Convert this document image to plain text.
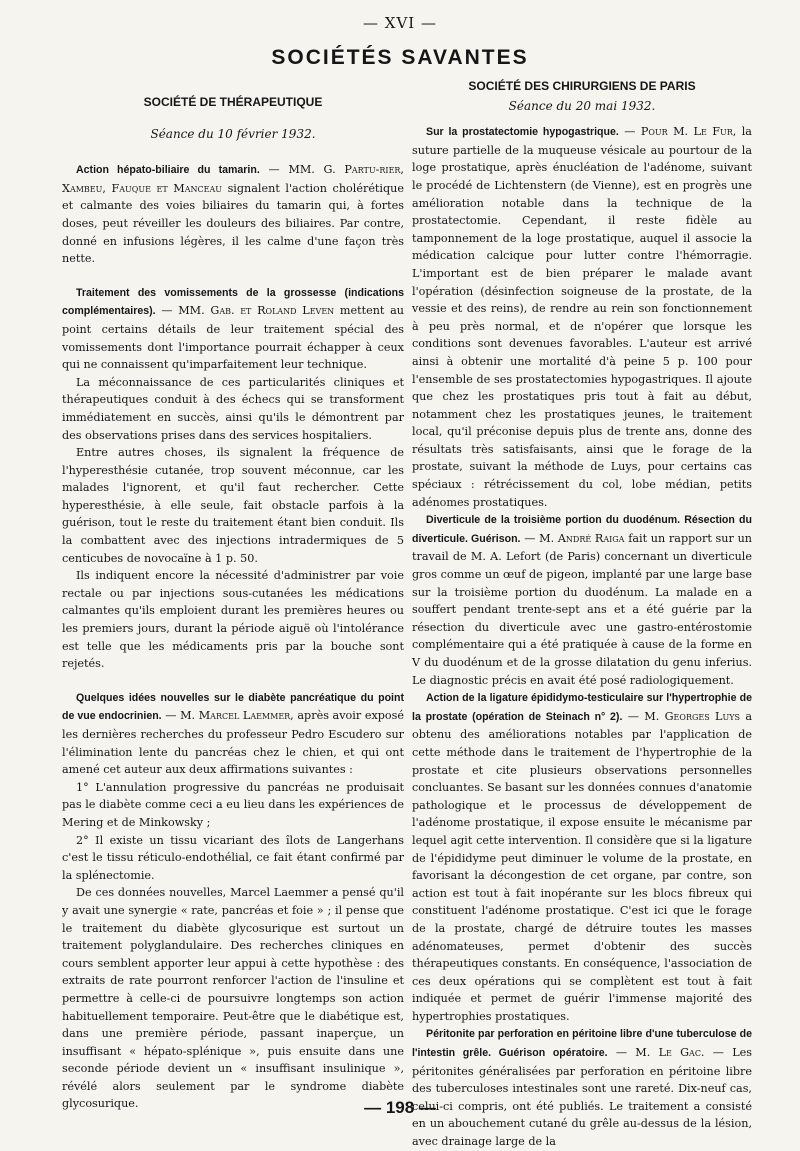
— XVI —
SOCIÉTÉS SAVANTES
SOCIÉTÉ DE THÉRAPEUTIQUE
Séance du 10 février 1932.

Action hépato-biliaire du tamarin. — MM. G. Partu-rier, Xambeu, Fauque et Manceau signalent l'action cholérétique et calmante des voies biliaires du tamarin qui, à fortes doses, peut réveiller les douleurs des biliaires. Par contre, donné en infusions légères, il les calme d'une façon très nette.

Traitement des vomissements de la grossesse (indications complémentaires). — MM. Gab. et Roland Leven mettent au point certains détails de leur traitement spécial des vomissements dont l'importance pourrait échapper à ceux qui ne connaissent qu'imparfaitement leur technique.

La méconnaissance de ces particularités cliniques et thérapeutiques conduit à des échecs qui se transforment immédiatement en succès, ainsi qu'ils le démontrent par des observations prises dans des services hospitaliers.

Entre autres choses, ils signalent la fréquence de l'hyperesthésie cutanée, trop souvent méconnue, car les malades l'ignorent, et qu'il faut rechercher. Cette hyperesthésie, à elle seule, fait obstacle parfois à la guérison, tout le reste du traitement étant bien conduit. Ils la combattent avec des injections intradermiques de 5 centicubes de novocaïne à 1 p. 50.

Ils indiquent encore la nécessité d'administrer par voie rectale ou par injections sous-cutanées les médications calmantes qu'ils emploient durant les premières heures ou les premiers jours, durant la période aiguë où l'intolérance est telle que les médicaments pris par la bouche sont rejetés.

Quelques idées nouvelles sur le diabète pancréatique du point de vue endocrinien. — M. Marcel Laemmer, après avoir exposé les dernières recherches du professeur Pedro Escudero sur l'élimination lente du pancréas chez le chien, et qui ont amené cet auteur aux deux affirmations suivantes :

1° L'annulation progressive du pancréas ne produisait pas le diabète comme ceci a eu lieu dans les expériences de Mering et de Minkowsky ;

2° Il existe un tissu vicariant des îlots de Langerhans c'est le tissu réticulo-endothélial, ce fait étant confirmé par la splénectomie.

De ces données nouvelles, Marcel Laemmer a pensé qu'il y avait une synergie « rate, pancréas et foie » ; il pense que le traitement du diabète glycosurique est surtout un traitement polyglandulaire. Des recherches cliniques en cours semblent apporter leur appui à cette hypothèse : des extraits de rate pourront renforcer l'action de l'insuline et permettre à celle-ci de poursuivre longtemps son action habituellement temporaire. Peut-être que le diabétique est, dans une première période, passant inaperçue, un insuffisant « hépato-splénique », puis ensuite dans une seconde période devient un « insuffisant insulinique », révélé alors seulement par le syndrome diabète glycosurique.

SOCIÉTÉ DES CHIRURGIENS DE PARIS
Séance du 20 mai 1932.

Sur la prostatectomie hypogastrique. — Pour M. Le Fur, la suture partielle de la muqueuse vésicale au pourtour de la loge prostatique, après énucléation de l'adénome, suivant le procédé de Lichtenstern (de Vienne), est en progrès une amélioration notable dans la technique de la prostatectomie. Cependant, il reste fidèle au tamponnement de la loge prostatique, auquel il associe la médication calcique pour lutter contre l'hémorragie. L'important est de bien préparer le malade avant l'opération (désinfection soigneuse de la prostate, de la vessie et des reins), de rendre au rein son fonctionnement à peu près normal, et de n'opérer que lorsque les conditions sont devenues favorables. L'auteur est arrivé ainsi à obtenir une mortalité d'à peine 5 p. 100 pour l'ensemble de ses prostatectomies hypogastriques. Il ajoute que chez les prostatiques pris tout à fait au début, notamment chez les prostatiques jeunes, le traitement local, qu'il préconise depuis plus de trente ans, donne des résultats très satisfaisants, ainsi que le forage de la prostate, suivant la méthode de Luys, pour certains cas spéciaux : rétrécissement du col, lobe médian, petits adénomes prostatiques.

Diverticule de la troisième portion du duodénum. Résection du diverticule. Guérison. — M. André Raiga fait un rapport sur un travail de M. A. Lefort (de Paris) concernant un diverticule gros comme un œuf de pigeon, implanté par une large base sur la troisième portion du duodénum. La malade en a souffert pendant trente-sept ans et a été guérie par la résection du diverticule avec une gastro-entérostomie complémentaire qui a été pratiquée à cause de la forme en V du duodénum et de la grosse dilatation du genu inferius. Le diagnostic précis en avait été posé radiologiquement.

Action de la ligature épididymo-testiculaire sur l'hypertrophie de la prostate (opération de Steinach n° 2). — M. Georges Luys a obtenu des améliorations notables par l'application de cette méthode dans le traitement de l'hypertrophie de la prostate et cite plusieurs observations personnelles concluantes. Se basant sur les données connues d'anatomie pathologique et le processus de développement de l'adénome prostatique, il expose ensuite le mécanisme par lequel agit cette intervention. Il considère que si la ligature de l'épididyme peut diminuer le volume de la prostate, en favorisant la décongestion de cet organe, par contre, son action est tout à fait inopérante sur les blocs fibreux qui constituent l'adénome prostatique. C'est ici que le forage de la prostate, chargé de détruire toutes les masses adénomateuses, permet d'obtenir des succès thérapeutiques constants. En conséquence, l'association de ces deux opérations qui se complètent est tout à fait indiquée et permet de guérir l'immense majorité des hypertrophies prostatiques.

Péritonite par perforation en péritoine libre d'une tuberculose de l'intestin grêle. Guérison opératoire. — M. Le Gac. — Les péritonites généralisées par perforation en péritoine libre des tuberculoses intestinales sont une rareté. Dix-neuf cas, celui-ci compris, ont été publiés. Le traitement a consisté en un abouchement cutané du grêle au-dessus de la lésion, avec drainage large de la

— 198 —
